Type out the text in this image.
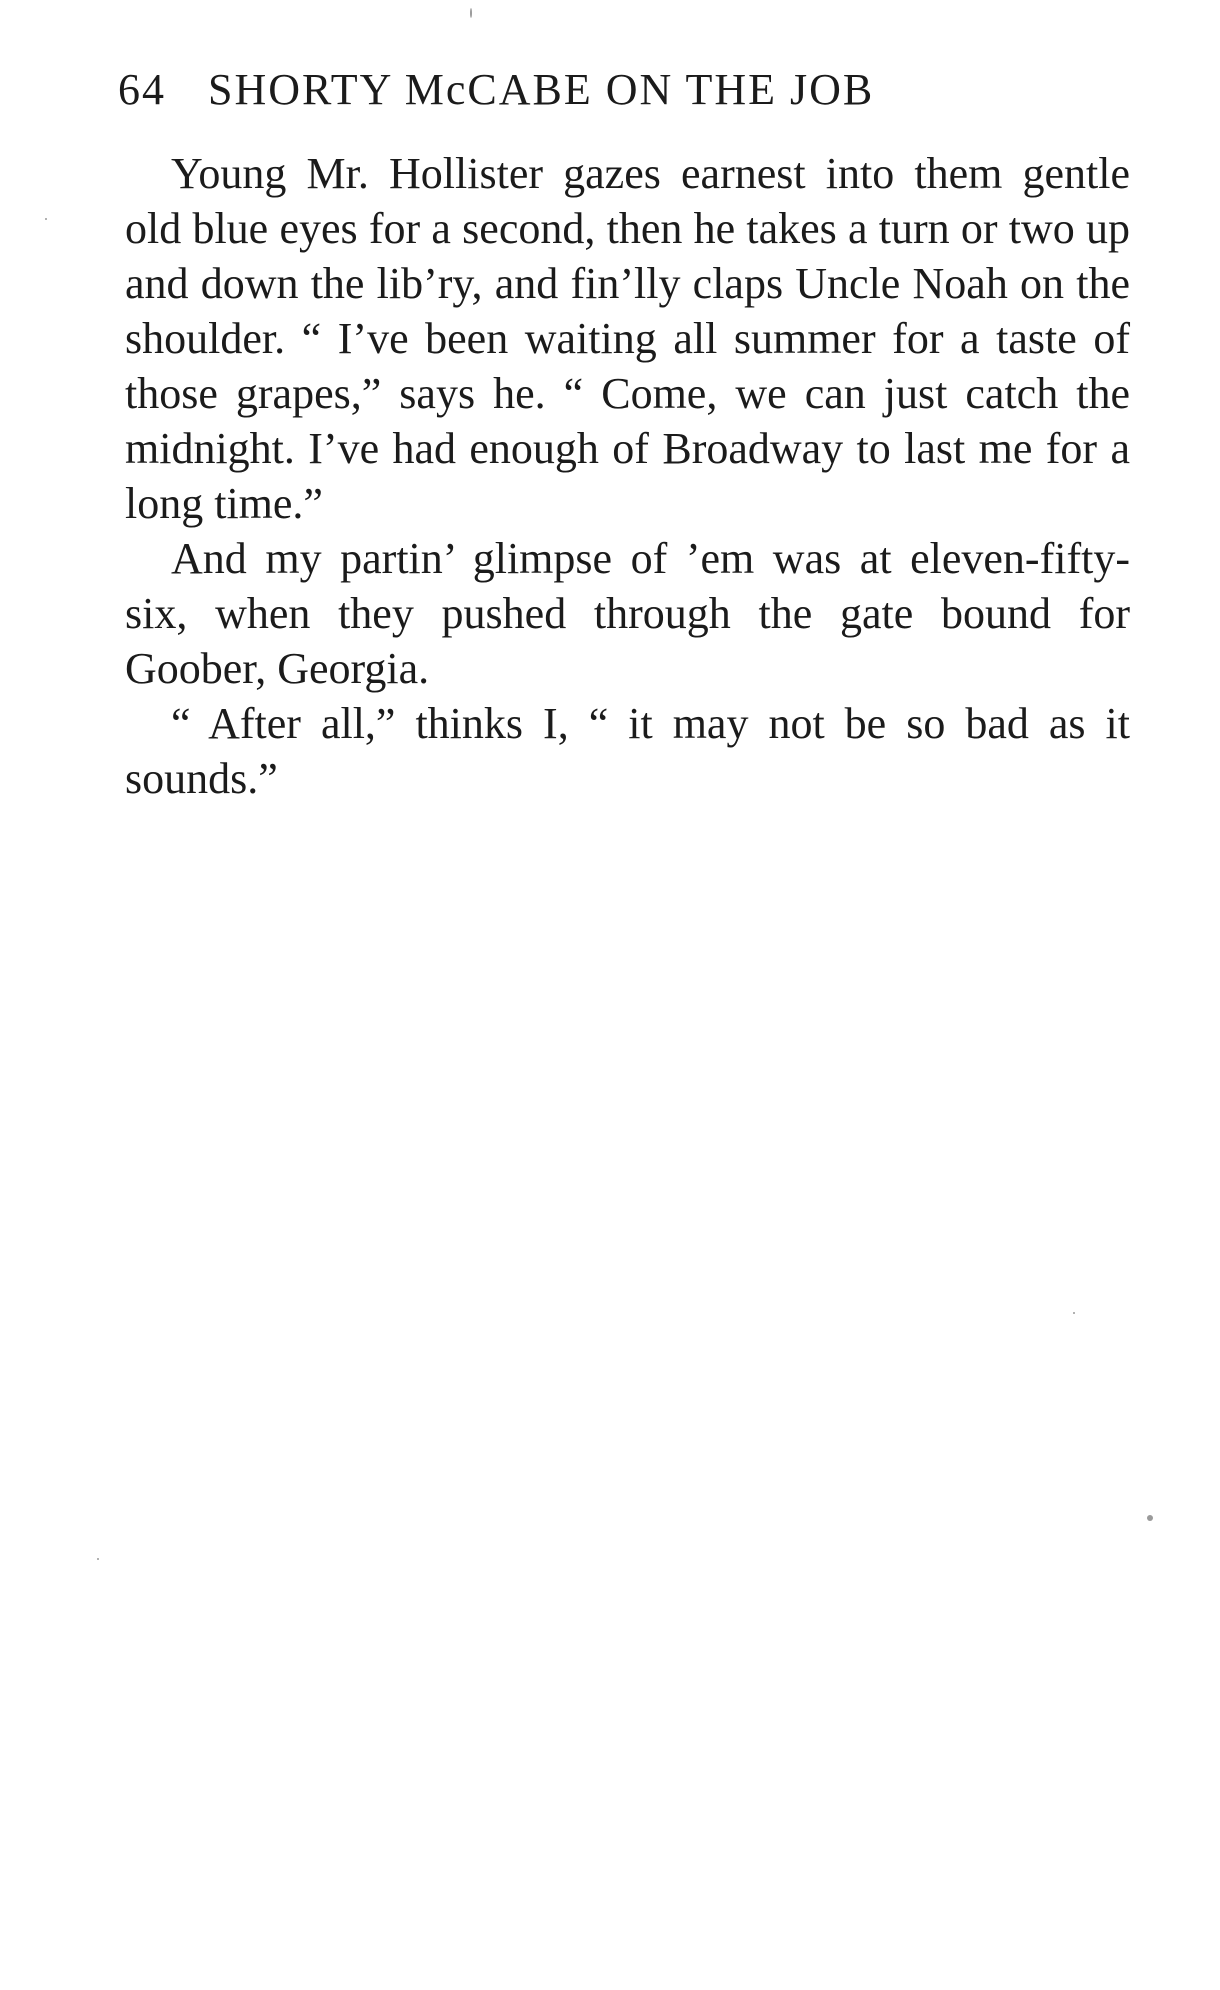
64 SHORTY McCABE ON THE JOB

Young Mr. Hollister gazes earnest into them gentle old blue eyes for a second, then he takes a turn or two up and down the lib’ry, and fin’lly claps Uncle Noah on the shoulder. “ I’ve been waiting all summer for a taste of those grapes,” says he. “ Come, we can just catch the midnight. I’ve had enough of Broadway to last me for a long time.”

And my partin’ glimpse of ’em was at eleven-fifty-six, when they pushed through the gate bound for Goober, Georgia.

“ After all,” thinks I, “ it may not be so bad as it sounds.”
